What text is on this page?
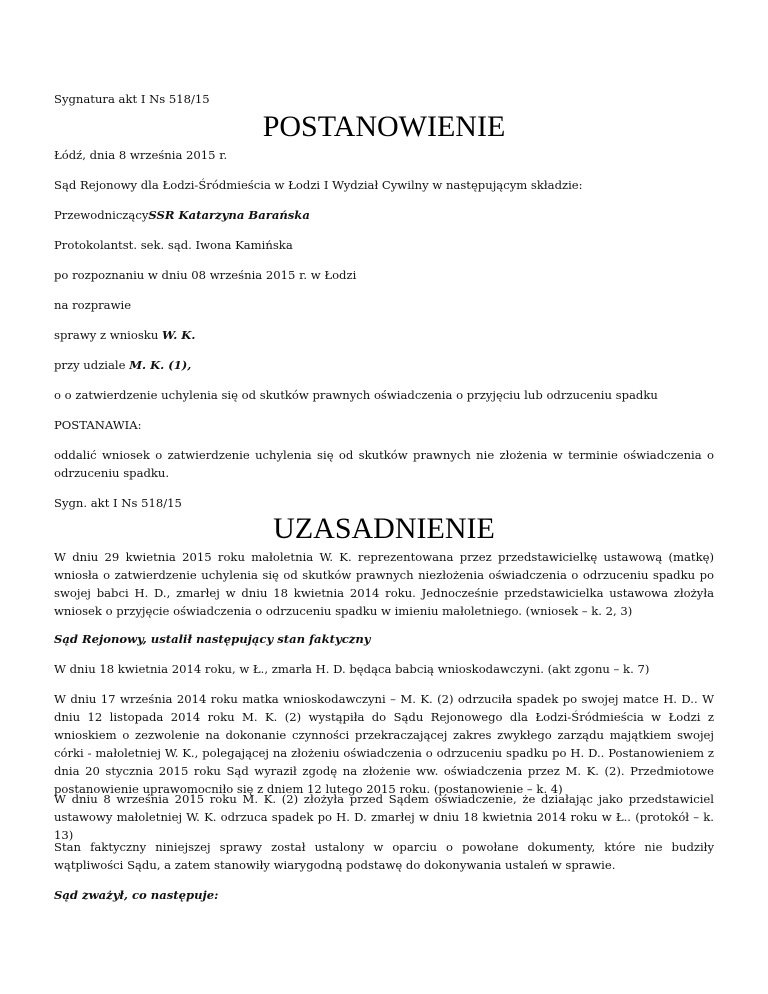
Sygnatura akt I Ns 518/15

POSTANOWIENIE

Łódź, dnia 8 września 2015 r.

Sąd Rejonowy dla Łodzi-Śródmieścia w Łodzi I Wydział Cywilny w następującym składzie:

PrzewodniczącySSR Katarzyna Barańska

Protokolantst. sek. sąd. Iwona Kamińska

po rozpoznaniu w dniu 08 września 2015 r. w Łodzi

na rozprawie

sprawy z wniosku W. K.

przy udziale M. K. (1),

o o zatwierdzenie uchylenia się od skutków prawnych oświadczenia o przyjęciu lub odrzuceniu spadku

POSTANAWIA:

oddalić wniosek o zatwierdzenie uchylenia się od skutków prawnych nie złożenia w terminie oświadczenia o odrzuceniu spadku.

Sygn. akt I Ns 518/15

UZASADNIENIE

W dniu 29 kwietnia 2015 roku małoletnia W. K. reprezentowana przez przedstawicielkę ustawową (matkę) wniosła o zatwierdzenie uchylenia się od skutków prawnych niezłożenia oświadczenia o odrzuceniu spadku po swojej babci H. D., zmarłej w dniu 18 kwietnia 2014 roku. Jednocześnie przedstawicielka ustawowa złożyła wniosek o przyjęcie oświadczenia o odrzuceniu spadku w imieniu małoletniego. (wniosek – k. 2, 3)

Sąd Rejonowy, ustalił następujący stan faktyczny

W dniu 18 kwietnia 2014 roku, w Ł., zmarła H. D. będąca babcią wnioskodawczyni. (akt zgonu – k. 7)

W dniu 17 września 2014 roku matka wnioskodawczyni – M. K. (2) odrzuciła spadek po swojej matce H. D.. W dniu 12 listopada 2014 roku M. K. (2) wystąpiła do Sądu Rejonowego dla Łodzi-Śródmieścia w Łodzi z wnioskiem o zezwolenie na dokonanie czynności przekraczającej zakres zwykłego zarządu majątkiem swojej córki - małoletniej W. K., polegającej na złożeniu oświadczenia o odrzuceniu spadku po H. D.. Postanowieniem z dnia 20 stycznia 2015 roku Sąd wyraził zgodę na złożenie ww. oświadczenia przez M. K. (2). Przedmiotowe postanowienie uprawomocniło się z dniem 12 lutego 2015 roku. (postanowienie – k. 4)

W dniu 8 września 2015 roku M. K. (2) złożyła przed Sądem oświadczenie, że działając jako przedstawiciel ustawowy małoletniej W. K. odrzuca spadek po H. D. zmarłej w dniu 18 kwietnia 2014 roku w Ł.. (protokół – k. 13)

Stan faktyczny niniejszej sprawy został ustalony w oparciu o powołane dokumenty, które nie budziły wątpliwości Sądu, a zatem stanowiły wiarygodną podstawę do dokonywania ustaleń w sprawie.

Sąd zważył, co następuje:
